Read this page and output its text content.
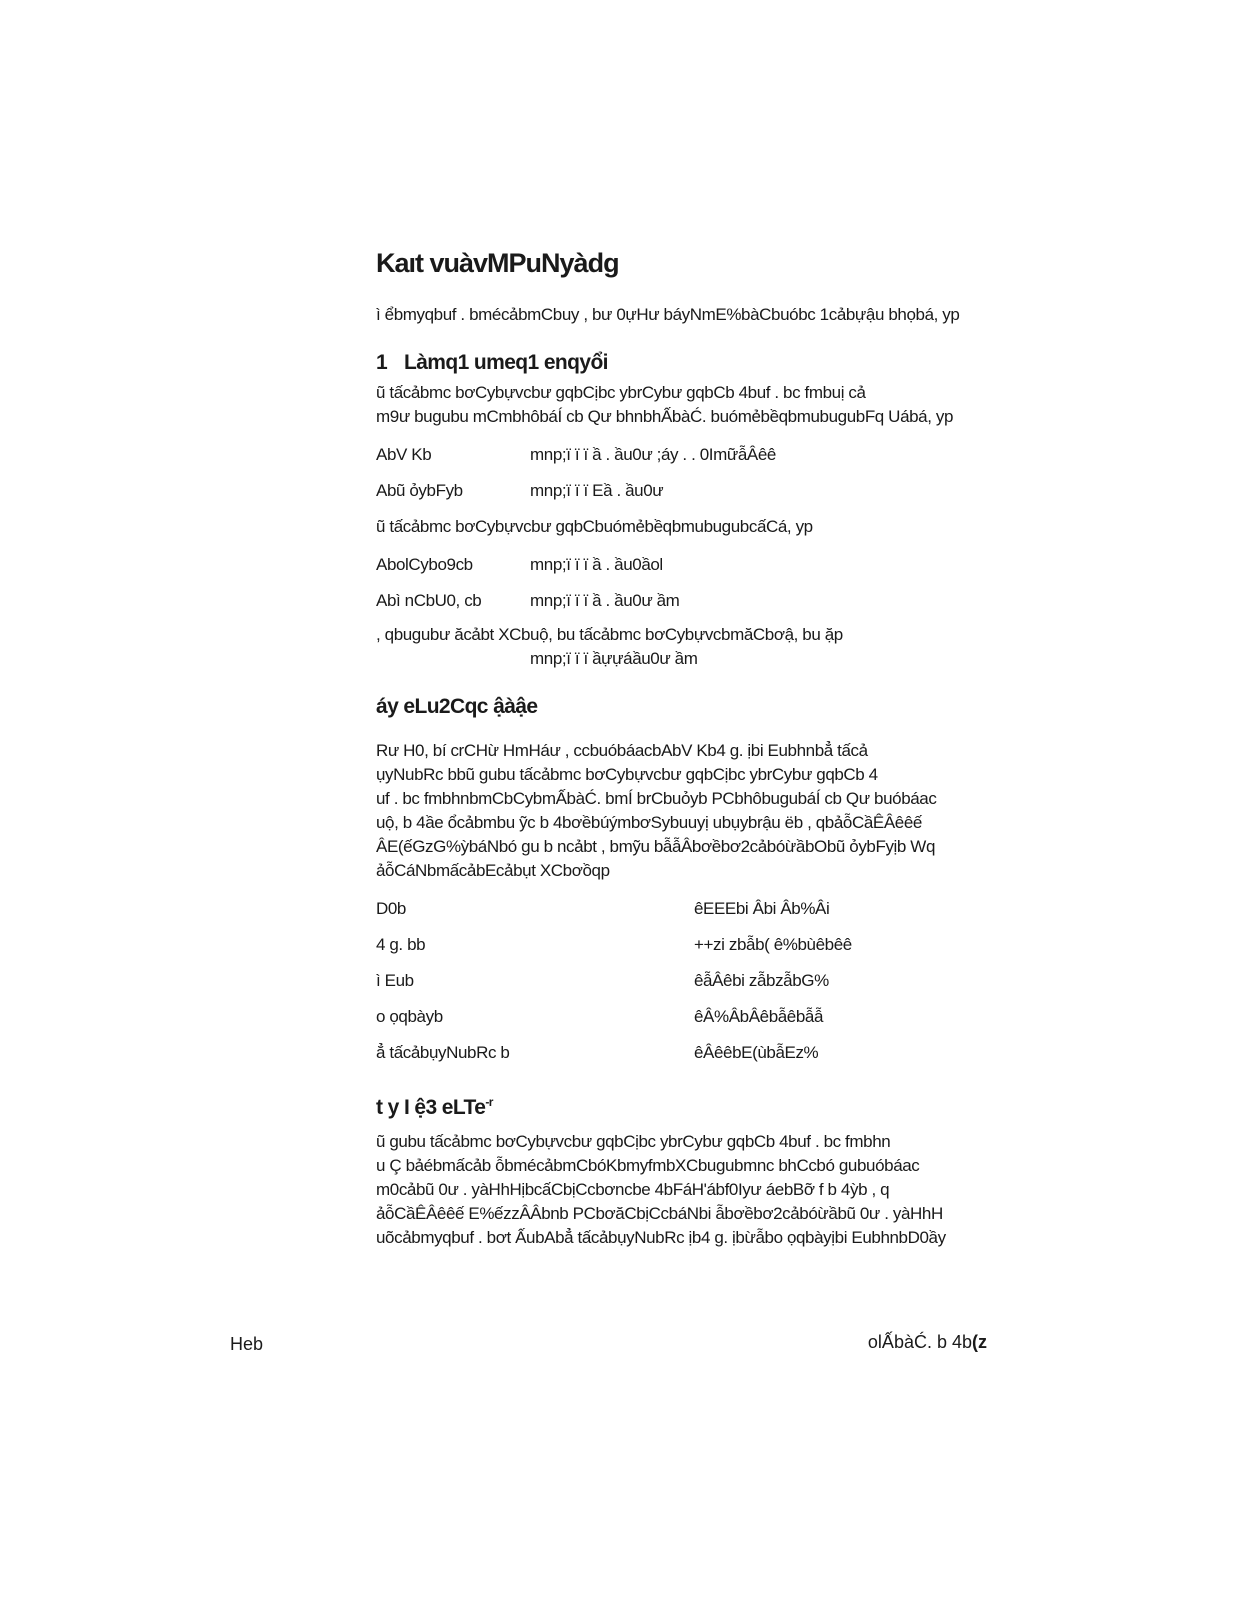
Kaıt vuàvMPuNyàdg
ì ểbmyqbuf . bmécảbmCbuy , bư 0ựHư báyNmE%bàCbuóbc 1cảbựậu bhọbá, yp
1 Làmq1 umeq1 enqyổi

ũ tấcảbmc bơCybựvcbư gqbCịbc ybrCybư gqbCb 4buf . bc fmbuị cả
m9ư bugubu mCmbhôbáÍ cb Qư bhnbhẤbàĆ. buómẻbềqbmubugubFq Uábá, yp

AbV Kb	mnp;ï ï ï ầ . ầu0ư ;áy . . 0ImữẫÂêê
Abũ ỏybFyb	mnp;ï ï ï Eầ . ầu0ư

ũ tấcảbmc bơCybựvcbư gqbCbuómẻbềqbmubugubcấCá, yp

AbolCybo9cb	mnp;ï ï ï ầ . ầu0ầol
Abì nCbU0, cb	mnp;ï ï ï ầ . ầu0ư ầm
, qbugubư ăcảbt XCbuộ, bu tấcảbmc bơCybựvcbmăCbơậ, bu ặp
mnp;ï ï ï ầựựáầu0ư ầm
áy eLu2Cqc ậàậe

Rư H0, bí crCHừ HmHáư , ccbuóbáacbAbV Kb4 g. ịbi Eubhnbẳ tấcả
ụyNubRc bbũ gubu tấcảbmc bơCybựvcbư gqbCịbc ybrCybư gqbCb 4
uf . bc fmbhnbmCbCybmẤbàĆ. bmÍ brCbuỏyb PCbhôbugubáÍ cb Qư buóbáac
uộ, b 4ầe ổcảbmbu ỹc b 4bơềbúýmbơSybuuyị ubụybrậu ëb , qbảỗCầÊÂêêế
ÂE(ếGzG%ỳbáNbó gu b ncảbt , bmỹu bẫẫÂbơềbơ2cảbóừầbObũ ỏybFyịb Wq
ảỗCáNbmấcảbEcảbụt XCbơồqp

D0b	êEEEbi Âbi Âb%Âi
4 g. bb	++zi zbẫb( ê%bùêbêê
ì Eub	êẫÂêbi zẫbzẫbG%
o ọqbàyb	êÂ%ÂbÂêbẫêbẫẫ
ẳ tấcảbụyNubRc b	êÂêêbE(ùbẫEz%
t y I ệ3 eLTe$^{-r}$

ũ gubu tấcảbmc bơCybựvcbư gqbCịbc ybrCybư gqbCb 4buf . bc fmbhn
u Ç bảébmấcảb ỗbmécảbmCbóKbmyfmbXCbugubmnc bhCcbó gubuóbáac
m0cảbũ 0ư . yàHhHịbcấCbịCcbơncbe 4bFáH'ábf0Iyư áebBỡ f b 4ỳb , q
ảỗCầÊÂêêế E%ếzzÂÂbnb PCbơăCbịCcbáNbi ẫbơềbơ2cảbóừầbũ 0ư . yàHhH
uõcảbmyqbuf . bơt ẤubAbẳ tấcảbụyNubRc ịb4 g. ịbừẫbo ọqbàyịbi EubhnbD0ầy

Heb	olẤbàĆ. b 4b(z
